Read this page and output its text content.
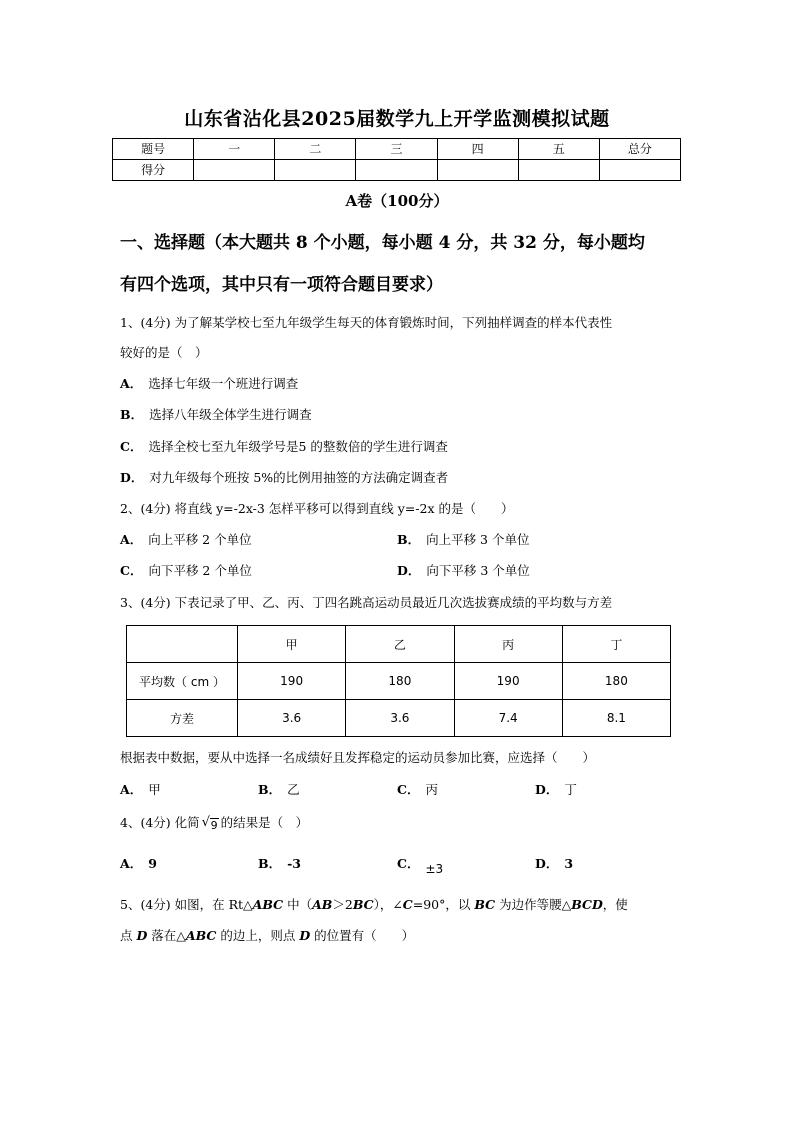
山东省沾化县2025届数学九上开学监测模拟试题
题号	一	二	三	四	五	总分
得分						
A卷（100分）
一、选择题（本大题共 8 个小题，每小题 4 分，共 32 分，每小题均
有四个选项，其中只有一项符合题目要求）
1、(4分) 为了解某学校七至九年级学生每天的体育锻炼时间，下列抽样调查的样本代表性
较好的是（　）
A． 选择七年级一个班进行调查
B． 选择八年级全体学生进行调查
C． 选择全校七至九年级学号是5 的整数倍的学生进行调查
D． 对九年级每个班按 5%的比例用抽签的方法确定调查者
2、(4分) 将直线 y=-2x-3 怎样平移可以得到直线 y=-2x 的是（　　）
A． 向上平移 2 个单位	B． 向上平移 3 个单位
C． 向下平移 2 个单位	D． 向下平移 3 个单位
3、(4分) 下表记录了甲、乙、丙、丁四名跳高运动员最近几次选拔赛成绩的平均数与方差
	甲	乙	丙	丁
平均数（ cm ）	190	180	190	180
方差	3.6	3.6	7.4	8.1
根据表中数据，要从中选择一名成绩好且发挥稳定的运动员参加比赛，应选择（　　）
A． 甲	B． 乙	C． 丙	D． 丁
4、(4分) 化简 √ 9 的结果是（　）
A． 9	B． -3	C． ±3	D． 3
5、(4分) 如图，在 Rt△ABC 中（AB＞2BC），∠C=90°，以 BC 为边作等腰△BCD，使
点 D 落在△ABC 的边上，则点 D 的位置有（　　）
